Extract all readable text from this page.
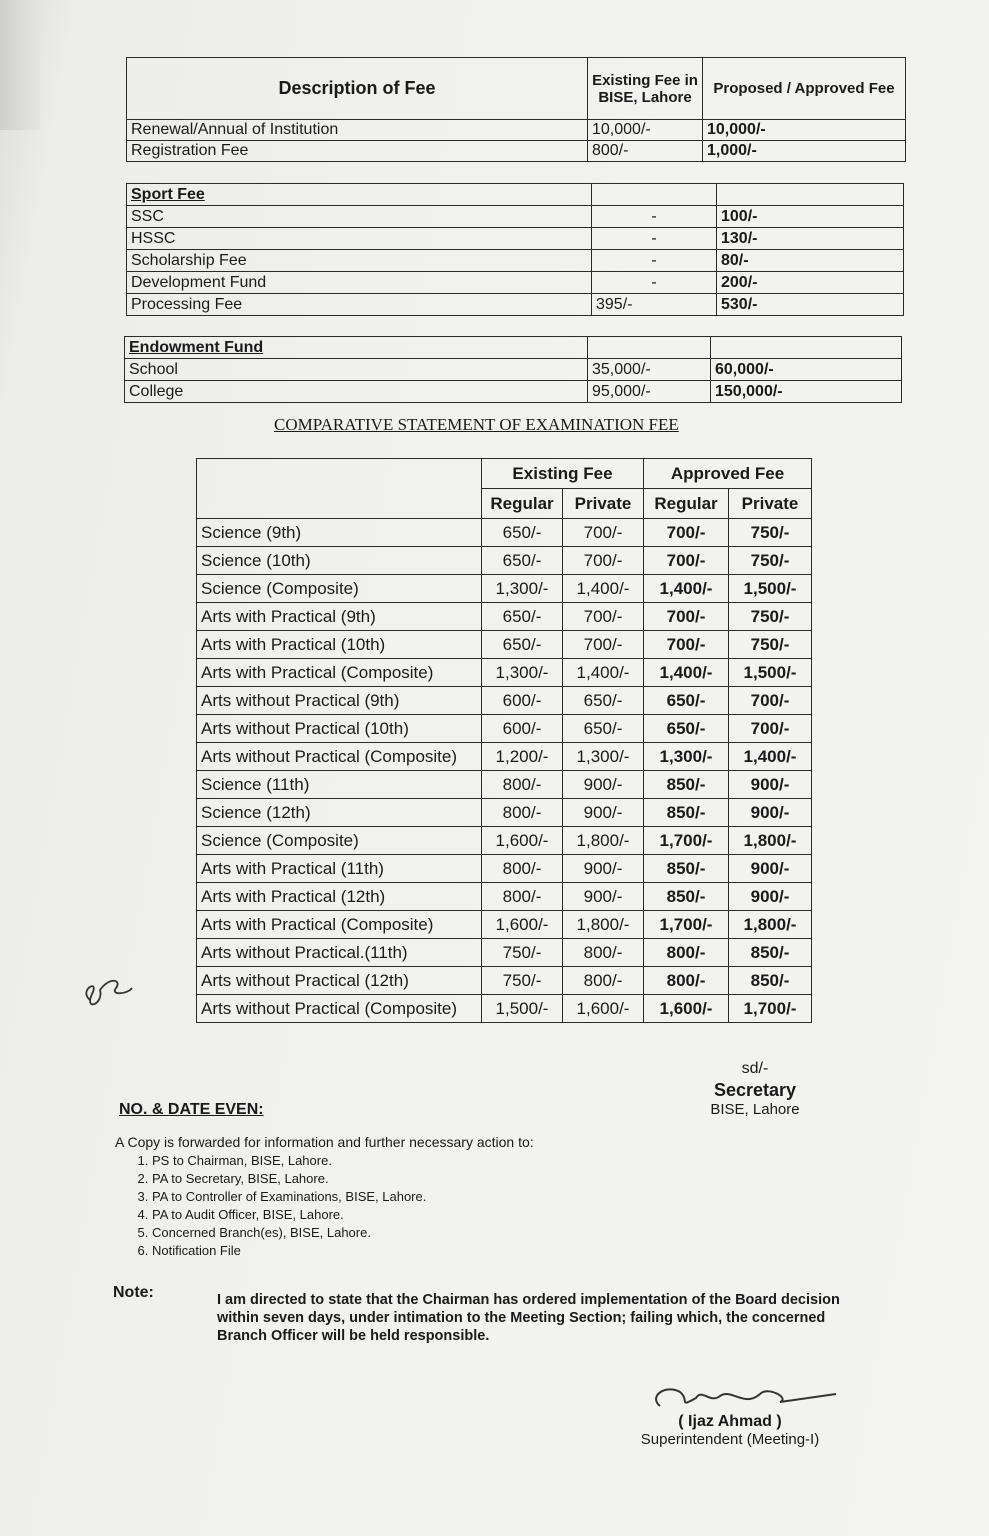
Description of Fee	Existing Fee in BISE, Lahore	Proposed / Approved Fee
Renewal/Annual of Institution	10,000/-	10,000/-
Registration Fee	800/-	1,000/-
Sport Fee		
SSC	-	100/-
HSSC	-	130/-
Scholarship Fee	-	80/-
Development Fund	-	200/-
Processing Fee	395/-	530/-
Endowment Fund		
School	35,000/-	60,000/-
College	95,000/-	150,000/-
COMPARATIVE STATEMENT OF EXAMINATION FEE
	Existing Fee		Approved Fee	
	Regular	Private	Regular	Private
Science (9th)	650/-	700/-	700/-	750/-
Science (10th)	650/-	700/-	700/-	750/-
Science (Composite)	1,300/-	1,400/-	1,400/-	1,500/-
Arts with Practical (9th)	650/-	700/-	700/-	750/-
Arts with Practical (10th)	650/-	700/-	700/-	750/-
Arts with Practical (Composite)	1,300/-	1,400/-	1,400/-	1,500/-
Arts without Practical (9th)	600/-	650/-	650/-	700/-
Arts without Practical (10th)	600/-	650/-	650/-	700/-
Arts without Practical (Composite)	1,200/-	1,300/-	1,300/-	1,400/-
Science (11th)	800/-	900/-	850/-	900/-
Science (12th)	800/-	900/-	850/-	900/-
Science (Composite)	1,600/-	1,800/-	1,700/-	1,800/-
Arts with Practical (11th)	800/-	900/-	850/-	900/-
Arts with Practical (12th)	800/-	900/-	850/-	900/-
Arts with Practical (Composite)	1,600/-	1,800/-	1,700/-	1,800/-
Arts without Practical.(11th)	750/-	800/-	800/-	850/-
Arts without Practical (12th)	750/-	800/-	800/-	850/-
Arts without Practical (Composite)	1,500/-	1,600/-	1,600/-	1,700/-
sd/-
Secretary
BISE, Lahore
NO. & DATE EVEN:
A Copy is forwarded for information and further necessary action to:
1. PS to Chairman, BISE, Lahore.
2. PA to Secretary, BISE, Lahore.
3. PA to Controller of Examinations, BISE, Lahore.
4. PA to Audit Officer, BISE, Lahore.
5. Concerned Branch(es), BISE, Lahore.
6. Notification File
Note:	I am directed to state that the Chairman has ordered implementation of the Board decision within seven days, under intimation to the Meeting Section; failing which, the concerned Branch Officer will be held responsible.
( Ijaz Ahmad )
Superintendent (Meeting-I)
